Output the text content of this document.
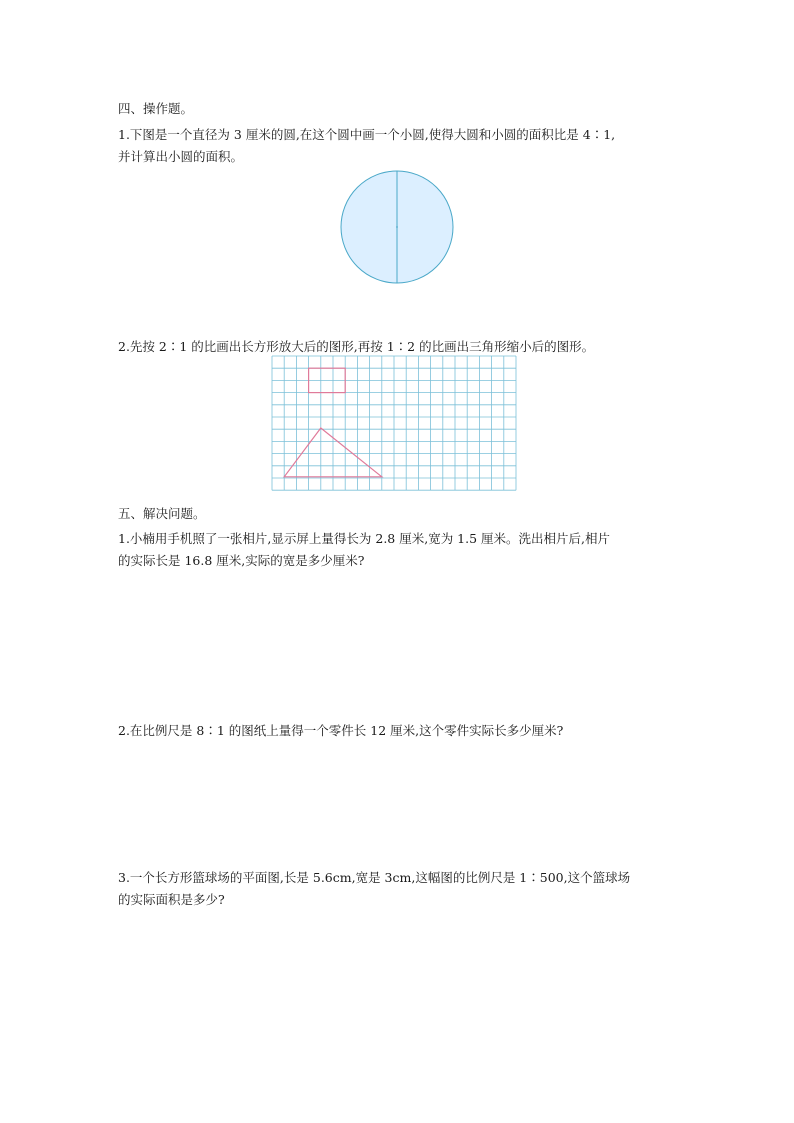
四、操作题。

1.下图是一个直径为 3 厘米的圆,在这个圆中画一个小圆,使得大圆和小圆的面积比是 4∶1,

并计算出小圆的面积。

2.先按 2∶1 的比画出长方形放大后的图形,再按 1∶2 的比画出三角形缩小后的图形。

五、解决问题。

1.小楠用手机照了一张相片,显示屏上量得长为 2.8 厘米,宽为 1.5 厘米。洗出相片后,相片

的实际长是 16.8 厘米,实际的宽是多少厘米?

2.在比例尺是 8∶1 的图纸上量得一个零件长 12 厘米,这个零件实际长多少厘米?

3.一个长方形篮球场的平面图,长是 5.6cm,宽是 3cm,这幅图的比例尺是 1∶500,这个篮球场

的实际面积是多少?
